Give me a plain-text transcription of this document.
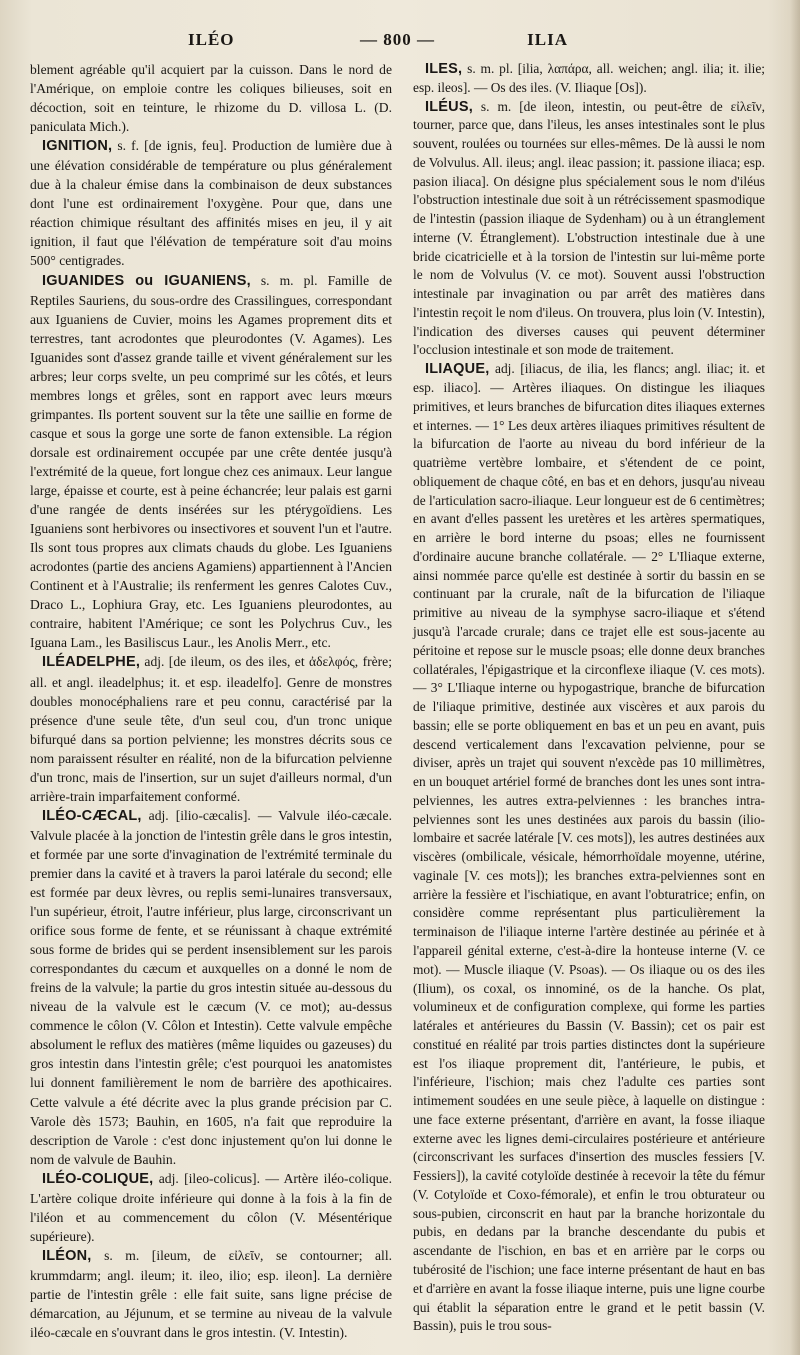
ILÉO	— 800 —	ILIA

blement agréable qu'il acquiert par la cuisson. Dans le nord de l'Amérique, on emploie contre les coliques bilieuses, soit en décoction, soit en teinture, le rhizome du D. villosa L. (D. paniculata Mich.).

IGNITION, s. f. [de ignis, feu]. Production de lumière due à une élévation considérable de température ou plus généralement due à la chaleur émise dans la combinaison de deux substances dont l'une est ordinairement l'oxygène. Pour que, dans une réaction chimique résultant des affinités mises en jeu, il y ait ignition, il faut que l'élévation de température soit d'au moins 500° centigrades.

IGUANIDES ou IGUANIENS, s. m. pl. Famille de Reptiles Sauriens, du sous-ordre des Crassilingues, correspondant aux Iguaniens de Cuvier, moins les Agames proprement dits et terrestres, tant acrodontes que pleurodontes (V. Agames). Les Iguanides sont d'assez grande taille et vivent généralement sur les arbres; leur corps svelte, un peu comprimé sur les côtés, et leurs membres longs et grêles, sont en rapport avec leurs mœurs grimpantes. Ils portent souvent sur la tête une saillie en forme de casque et sous la gorge une sorte de fanon extensible. La région dorsale est ordinairement occupée par une crête dentée jusqu'à l'extrémité de la queue, fort longue chez ces animaux. Leur langue large, épaisse et courte, est à peine échancrée; leur palais est garni d'une rangée de dents insérées sur les ptérygoïdiens. Les Iguaniens sont herbivores ou insectivores et souvent l'un et l'autre. Ils sont tous propres aux climats chauds du globe. Les Iguaniens acrodontes (partie des anciens Agamiens) appartiennent à l'Ancien Continent et à l'Australie; ils renferment les genres Calotes Cuv., Draco L., Lophiura Gray, etc. Les Iguaniens pleurodontes, au contraire, habitent l'Amérique; ce sont les Polychrus Cuv., les Iguana Lam., les Basiliscus Laur., les Anolis Merr., etc.

ILÉADELPHE, adj. [de ileum, os des iles, et ἀδελφός, frère; all. et angl. ileadelphus; it. et esp. ileadelfo]. Genre de monstres doubles monocéphaliens rare et peu connu, caractérisé par la présence d'une seule tête, d'un seul cou, d'un tronc unique bifurqué dans sa portion pelvienne; les monstres décrits sous ce nom paraissent résulter en réalité, non de la bifurcation pelvienne d'un tronc, mais de l'insertion, sur un sujet d'ailleurs normal, d'un arrière-train imparfaitement conformé.

ILÉO-CÆCAL, adj. [ilio-cæcalis]. — Valvule iléo-cæcale. Valvule placée à la jonction de l'intestin grêle dans le gros intestin, et formée par une sorte d'invagination de l'extrémité terminale du premier dans la cavité et à travers la paroi latérale du second; elle est formée par deux lèvres, ou replis semi-lunaires transversaux, l'un supérieur, étroit, l'autre inférieur, plus large, circonscrivant un orifice sous forme de fente, et se réunissant à chaque extrémité sous forme de brides qui se perdent insensiblement sur les parois correspondantes du cæcum et auxquelles on a donné le nom de freins de la valvule; la partie du gros intestin située au-dessous du niveau de la valvule est le cæcum (V. ce mot); au-dessus commence le côlon (V. Côlon et Intestin). Cette valvule empêche absolument le reflux des matières (même liquides ou gazeuses) du gros intestin dans l'intestin grêle; c'est pourquoi les anatomistes lui donnent familièrement le nom de barrière des apothicaires. Cette valvule a été décrite avec la plus grande précision par C. Varole dès 1573; Bauhin, en 1605, n'a fait que reproduire la description de Varole : c'est donc injustement qu'on lui donne le nom de valvule de Bauhin.

ILÉO-COLIQUE, adj. [ileo-colicus]. — Artère iléo-colique. L'artère colique droite inférieure qui donne à la fois à la fin de l'iléon et au commencement du côlon (V. Mésentérique supérieure).

ILÉON, s. m. [ileum, de εἰλεῖν, se contourner; all. krummdarm; angl. ileum; it. ileo, ilio; esp. ileon]. La dernière partie de l'intestin grêle : elle fait suite, sans ligne précise de démarcation, au Jéjunum, et se termine au niveau de la valvule iléo-cæcale en s'ouvrant dans le gros intestin. (V. Intestin).

ILES, s. m. pl. [ilia, λαπάρα, all. weichen; angl. ilia; it. ilie; esp. ileos]. — Os des iles. (V. Iliaque [Os]).

ILÉUS, s. m. [de ileon, intestin, ou peut-être de εἰλεῖν, tourner, parce que, dans l'ileus, les anses intestinales sont le plus souvent, roulées ou tournées sur elles-mêmes. De là aussi le nom de Volvulus. All. ileus; angl. ileac passion; it. passione iliaca; esp. pasion iliaca]. On désigne plus spécialement sous le nom d'iléus l'obstruction intestinale due soit à un rétrécissement spasmodique de l'intestin (passion iliaque de Sydenham) ou à un étranglement interne (V. Étranglement). L'obstruction intestinale due à une bride cicatricielle et à la torsion de l'intestin sur lui-même porte le nom de Volvulus (V. ce mot). Souvent aussi l'obstruction intestinale par invagination ou par arrêt des matières dans l'intestin reçoit le nom d'ileus. On trouvera, plus loin (V. Intestin), l'indication des diverses causes qui peuvent déterminer l'occlusion intestinale et son mode de traitement.

ILIAQUE, adj. [iliacus, de ilia, les flancs; angl. iliac; it. et esp. iliaco]. — Artères iliaques. On distingue les iliaques primitives, et leurs branches de bifurcation dites iliaques externes et internes. — 1° Les deux artères iliaques primitives résultent de la bifurcation de l'aorte au niveau du bord inférieur de la quatrième vertèbre lombaire, et s'étendent de ce point, obliquement de chaque côté, en bas et en dehors, jusqu'au niveau de l'articulation sacro-iliaque. Leur longueur est de 6 centimètres; en avant d'elles passent les uretères et les artères spermatiques, en arrière le bord interne du psoas; elles ne fournissent d'ordinaire aucune branche collatérale. — 2° L'Iliaque externe, ainsi nommée parce qu'elle est destinée à sortir du bassin en se continuant par la crurale, naît de la bifurcation de l'iliaque primitive au niveau de la symphyse sacro-iliaque et s'étend jusqu'à l'arcade crurale; dans ce trajet elle est sous-jacente au péritoine et repose sur le muscle psoas; elle donne deux branches collatérales, l'épigastrique et la circonflexe iliaque (V. ces mots). — 3° L'Iliaque interne ou hypogastrique, branche de bifurcation de l'iliaque primitive, destinée aux viscères et aux parois du bassin; elle se porte obliquement en bas et un peu en avant, puis descend verticalement dans l'excavation pelvienne, pour se diviser, après un trajet qui souvent n'excède pas 10 millimètres, en un bouquet artériel formé de branches dont les unes sont intra-pelviennes, les autres extra-pelviennes : les branches intra-pelviennes sont les unes destinées aux parois du bassin (ilio-lombaire et sacrée latérale [V. ces mots]), les autres destinées aux viscères (ombilicale, vésicale, hémorrhoïdale moyenne, utérine, vaginale [V. ces mots]); les branches extra-pelviennes sont en arrière la fessière et l'ischiatique, en avant l'obturatrice; enfin, on considère comme représentant plus particulièrement la terminaison de l'iliaque interne l'artère destinée au périnée et à l'appareil génital externe, c'est-à-dire la honteuse interne (V. ce mot). — Muscle iliaque (V. Psoas). — Os iliaque ou os des iles (Ilium), os coxal, os innominé, os de la hanche. Os plat, volumineux et de configuration complexe, qui forme les parties latérales et antérieures du Bassin (V. Bassin); cet os pair est constitué en réalité par trois parties distinctes dont la supérieure est l'os iliaque proprement dit, l'antérieure, le pubis, et l'inférieure, l'ischion; mais chez l'adulte ces parties sont intimement soudées en une seule pièce, à laquelle on distingue : une face externe présentant, d'arrière en avant, la fosse iliaque externe avec les lignes demi-circulaires postérieure et antérieure (circonscrivant les surfaces d'insertion des muscles fessiers [V. Fessiers]), la cavité cotyloïde destinée à recevoir la tête du fémur (V. Cotyloïde et Coxo-fémorale), et enfin le trou obturateur ou sous-pubien, circonscrit en haut par la branche horizontale du pubis, en dedans par la branche descendante du pubis et ascendante de l'ischion, en bas et en arrière par le corps ou tubérosité de l'ischion; une face interne présentant de haut en bas et d'arrière en avant la fosse iliaque interne, puis une ligne courbe qui établit la séparation entre le grand et le petit bassin (V. Bassin), puis le trou sous-
